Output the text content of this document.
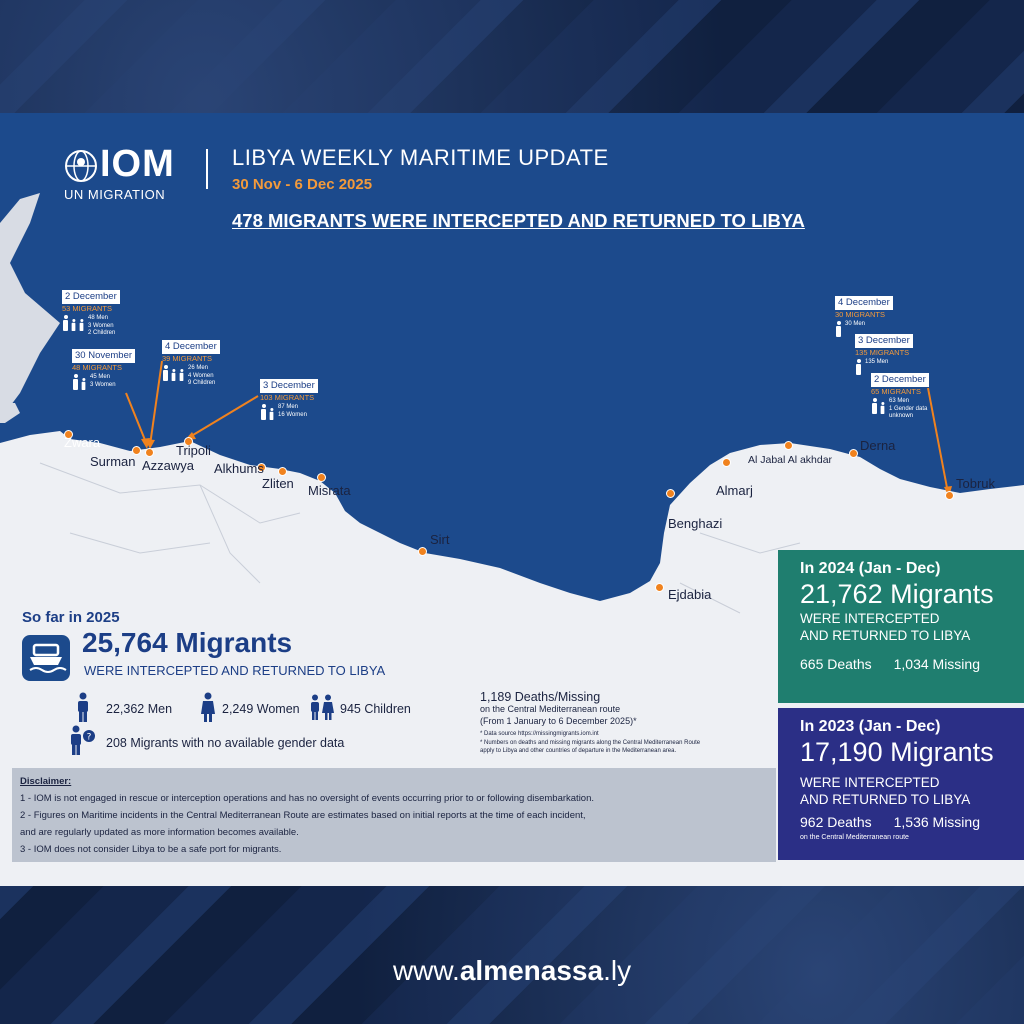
IOM
UN MIGRATION
LIBYA WEEKLY MARITIME UPDATE
30 Nov - 6 Dec 2025
478 MIGRANTS WERE INTERCEPTED AND RETURNED TO LIBYA
Zwara
Surman Azzawya
Tripoli
Alkhums
Zliten Misrata
Sirt
Benghazi
Ejdabia
Almarj
Al Jabal Al akhdar
Derna
Tobruk
2 December
53 MIGRANTS
48 Men
3 Women
2 Children
30 November
48 MIGRANTS
45 Men
3 Women
4 December
39 MIGRANTS
26 Men
4 Women
9 Children	3 December
103 MIGRANTS
87 Men
16 Women
4 December
30 MIGRANTS
30 Men
3 December
135 MIGRANTS
135 Men
2 December
65 MIGRANTS
63 Men
1 Gender data
unknown
So far in 2025
25,764 Migrants
WERE INTERCEPTED AND RETURNED TO LIBYA
22,362 Men	2,249 Women	945 Children
? 208 Migrants with no available gender data
1,189 Deaths/Missing
on the Central Mediterranean route
(From 1 January to 6 December 2025)*
* Data source https://missingmigrants.iom.int
* Numbers on deaths and missing migrants along the Central Mediterranean Route
apply to Libya and other countries of departure in the Mediterranean area.
Disclaimer:
1 - IOM is not engaged in rescue or interception operations and has no oversight of events occurring prior to or following disembarkation.
2 - Figures on Maritime incidents in the Central Mediterranean Route are estimates based on initial reports at the time of each incident,
and are regularly updated as more information becomes available.
3 - IOM does not consider Libya to be a safe port for migrants.
In 2024 (Jan - Dec)
21,762 Migrants
WERE INTERCEPTED
AND RETURNED TO LIBYA
665 Deaths 1,034 Missing
In 2023 (Jan - Dec)
17,190 Migrants
WERE INTERCEPTED
AND RETURNED TO LIBYA
962 Deaths 1,536 Missing
on the Central Mediterranean route
www.almenassa.ly
